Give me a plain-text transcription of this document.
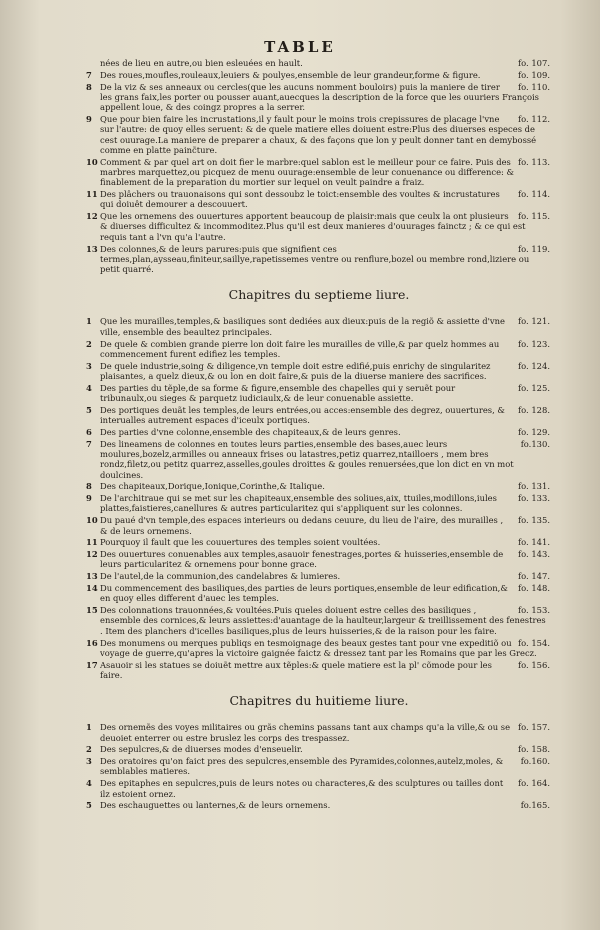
TABLE
fo. 107.
nées de lieu en autre,ou bien esleuées en hault.
7	fo. 109.
Des roues,moufles,rouleaux,leuiers & poulyes,ensemble de leur grandeur,forme & figure.
8	fo. 110.
De la viz & ses anneaux ou cercles(que les aucuns nomment bouloirs) puis la maniere de tirer les grans faix,les porter ou pousser auant,auecques la description de la force que les ouuriers François appellent loue, & des coingz propres a la serrer.
9	fo. 112.
Que pour bien faire les incrustations,il y fault pour le moins trois crepissures de placage l'vne sur l'autre: de quoy elles seruent: & de quele matiere elles doiuent estre:Plus des diuerses especes de cest ouurage.La maniere de preparer a chaux, & des façons que lon y peult donner tant en demybossé comme en platte painc̃ture.
10	fo. 113.
Comment & par quel art on doit fier le marbre:quel sablon est le meilleur pour ce faire. Puis des marbres marquettez,ou picquez de menu ouurage:ensemble de leur conuenance ou difference: & finablement de la preparation du mortier sur lequel on veult paindre a fraiz.
11	fo. 114.
Des plâchers ou trauonaisons qui sont dessoubz le toict:ensemble des voultes & incrustatures qui doiuêt demourer a descouuert.
12	fo. 115.
Que les ornemens des ouuertures apportent beaucoup de plaisir:mais que ceulx la ont plusieurs & diuerses difficultez & incommoditez.Plus qu'il est deux manieres d'ouurages fainctz ; & ce qui est requis tant a l'vn qu'a l'autre.
13	fo. 119.
Des colonnes,& de leurs parures:puis que signifient ces termes,plan,aysseau,finiteur,saillye,rapetissemes ventre ou renflure,bozel ou membre rond,liziere ou petit quarré.
Chapitres du septieme liure.
1	fo. 121.
Que les murailles,temples,& basiliques sont dediées aux dieux:puis de la regiõ & assiette d'vne ville, ensemble des beaultez principales.
2	fo. 123.
De quele & combien grande pierre lon doit faire les murailles de ville,& par quelz hommes au commencement furent edifiez les temples.
3	fo. 124.
De quele industrie,soing & diligence,vn temple doit estre edifié,puis enrichy de singularitez plaisantes, a quelz dieux,& ou lon en doit faire,& puis de la diuerse maniere des sacrifices.
4	fo. 125.
Des parties du tẽple,de sa forme & figure,ensemble des chapelles qui y seruẽt pour tribunaulx,ou sieges & parquetz iudiciaulx,& de leur conuenable assiette.
5	fo. 128.
Des portiques deuãt les temples,de leurs entrées,ou acces:ensemble des degrez, ouuertures, & interualles autrement espaces d'iceulx portiques.
6	fo. 129.
Des parties d'vne colonne,ensemble des chapiteaux,& de leurs genres.
7	fo.130.
Des lineamens de colonnes en toutes leurs parties,ensemble des bases,auec leurs moulures,bozelz,armilles ou anneaux frises ou latastres,petiz quarrez,ntailloers , mem bres rondz,filetz,ou petitz quarrez,asselles,goules droittes & goules renuersées,que lon dict en vn mot doulcines.
8	fo. 131.
Des chapiteaux,Dorique,Ionique,Corinthe,& Italique.
9	fo. 133.
De l'architraue qui se met sur les chapiteaux,ensemble des soliues,aix, ttuiles,modillons,iules plattes,faistieres,canellures & autres particularitez qui s'appliquent sur les colonnes.
10	fo. 135.
Du paué d'vn temple,des espaces interieurs ou dedans ceuure, du lieu de l'aire, des murailles , & de leurs ornemens.
11	fo. 141.
Pourquoy il fault que les couuertures des temples soient voultées.
12	fo. 143.
Des ouuertures conuenables aux temples,asauoir fenestrages,portes & huisseries,ensemble de leurs particularitez & ornemens pour bonne grace.
13	fo. 147.
De l'autel,de la communion,des candelabres & lumieres.
14	fo. 148.
Du commencement des basiliques,des parties de leurs portiques,ensemble de leur edification,& en quoy elles different d'auec les temples.
15	fo. 153.
Des colonnations trauonnées,& voultées.Puis queles doiuent estre celles des basiliques , ensemble des cornices,& leurs assiettes:d'auantage de la haulteur,largeur & treillissement des fenestres . Item des planchers d'icelles basiliques,plus de leurs huisseries,& de la raison pour les faire.
16	fo. 154.
Des monumens ou merques publiqs en tesmoignage des beaux gestes tant pour vne expeditiõ ou voyage de guerre,qu'apres la victoire gaignée faictz & dressez tant par les Romains que par les Grecz.
17	fo. 156.
Asauoir si les statues se doiuẽt mettre aux tẽples:& quele matiere est la pl' cõmode pour les faire.
Chapitres du huitieme liure.
1	fo. 157.
Des ornemẽs des voyes militaires ou grãs chemins passans tant aux champs qu'a la ville,& ou se deuoiet enterrer ou estre bruslez les corps des trespassez.
2	fo. 158.
Des sepulcres,& de diuerses modes d'enseuelir.
3	fo.160.
Des oratoires qu'on faict pres des sepulcres,ensemble des Pyramides,colonnes,autelz,moles, & semblables matieres.
4	fo. 164.
Des epitaphes en sepulcres,puis de leurs notes ou characteres,& des sculptures ou tailles dont ilz estoient ornez.
5	fo.165.
Des eschauguettes ou lanternes,& de leurs ornemens.
